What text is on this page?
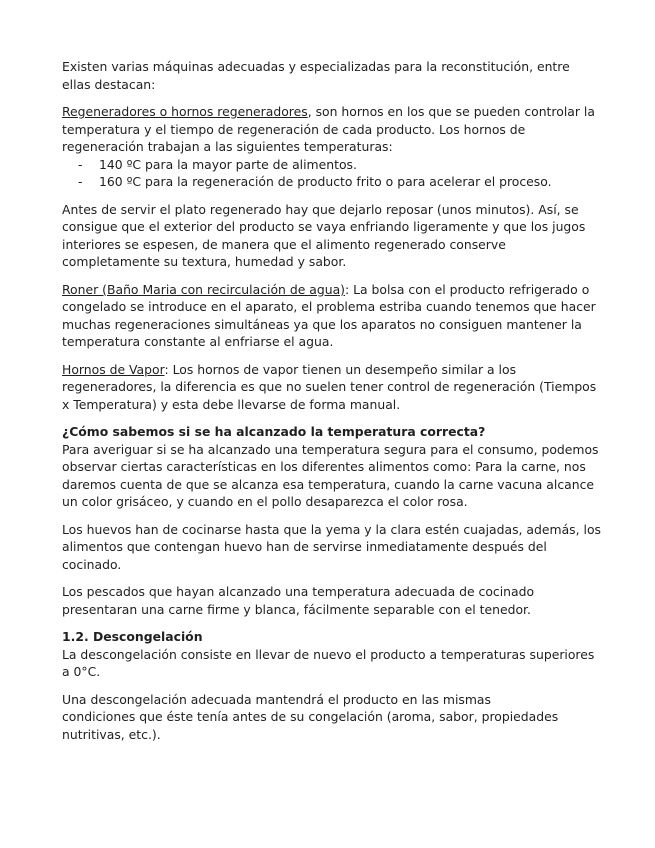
Existen varias máquinas adecuadas y especializadas para la reconstitución, entre ellas destacan:

Regeneradores o hornos regeneradores, son hornos en los que se pueden controlar la temperatura y el tiempo de regeneración de cada producto. Los hornos de regeneración trabajan a las siguientes temperaturas:

- 140 ºC para la mayor parte de alimentos.
- 160 ºC para la regeneración de producto frito o para acelerar el proceso.

Antes de servir el plato regenerado hay que dejarlo reposar (unos minutos). Así, se consigue que el exterior del producto se vaya enfriando ligeramente y que los jugos interiores se espesen, de manera que el alimento regenerado conserve completamente su textura, humedad y sabor.

Roner (Baño Maria con recirculación de agua): La bolsa con el producto refrigerado o congelado se introduce en el aparato, el problema estriba cuando tenemos que hacer muchas regeneraciones simultáneas ya que los aparatos no consiguen mantener la temperatura constante al enfriarse el agua.

Hornos de Vapor: Los hornos de vapor tienen un desempeño similar a los regeneradores, la diferencia es que no suelen tener control de regeneración (Tiempos x Temperatura) y esta debe llevarse de forma manual.

¿Cómo sabemos si se ha alcanzado la temperatura correcta?

Para averiguar si se ha alcanzado una temperatura segura para el consumo, podemos observar ciertas características en los diferentes alimentos como: Para la carne, nos daremos cuenta de que se alcanza esa temperatura, cuando la carne vacuna alcance un color grisáceo, y cuando en el pollo desaparezca el color rosa.

Los huevos han de cocinarse hasta que la yema y la clara estén cuajadas, además, los alimentos que contengan huevo han de servirse inmediatamente después del cocinado.

Los pescados que hayan alcanzado una temperatura adecuada de cocinado presentaran una carne firme y blanca, fácilmente separable con el tenedor.

1.2. Descongelación

La descongelación consiste en llevar de nuevo el producto a temperaturas superiores a 0°C.

Una descongelación adecuada mantendrá el producto en las mismas
condiciones que éste tenía antes de su congelación (aroma, sabor, propiedades nutritivas, etc.).
